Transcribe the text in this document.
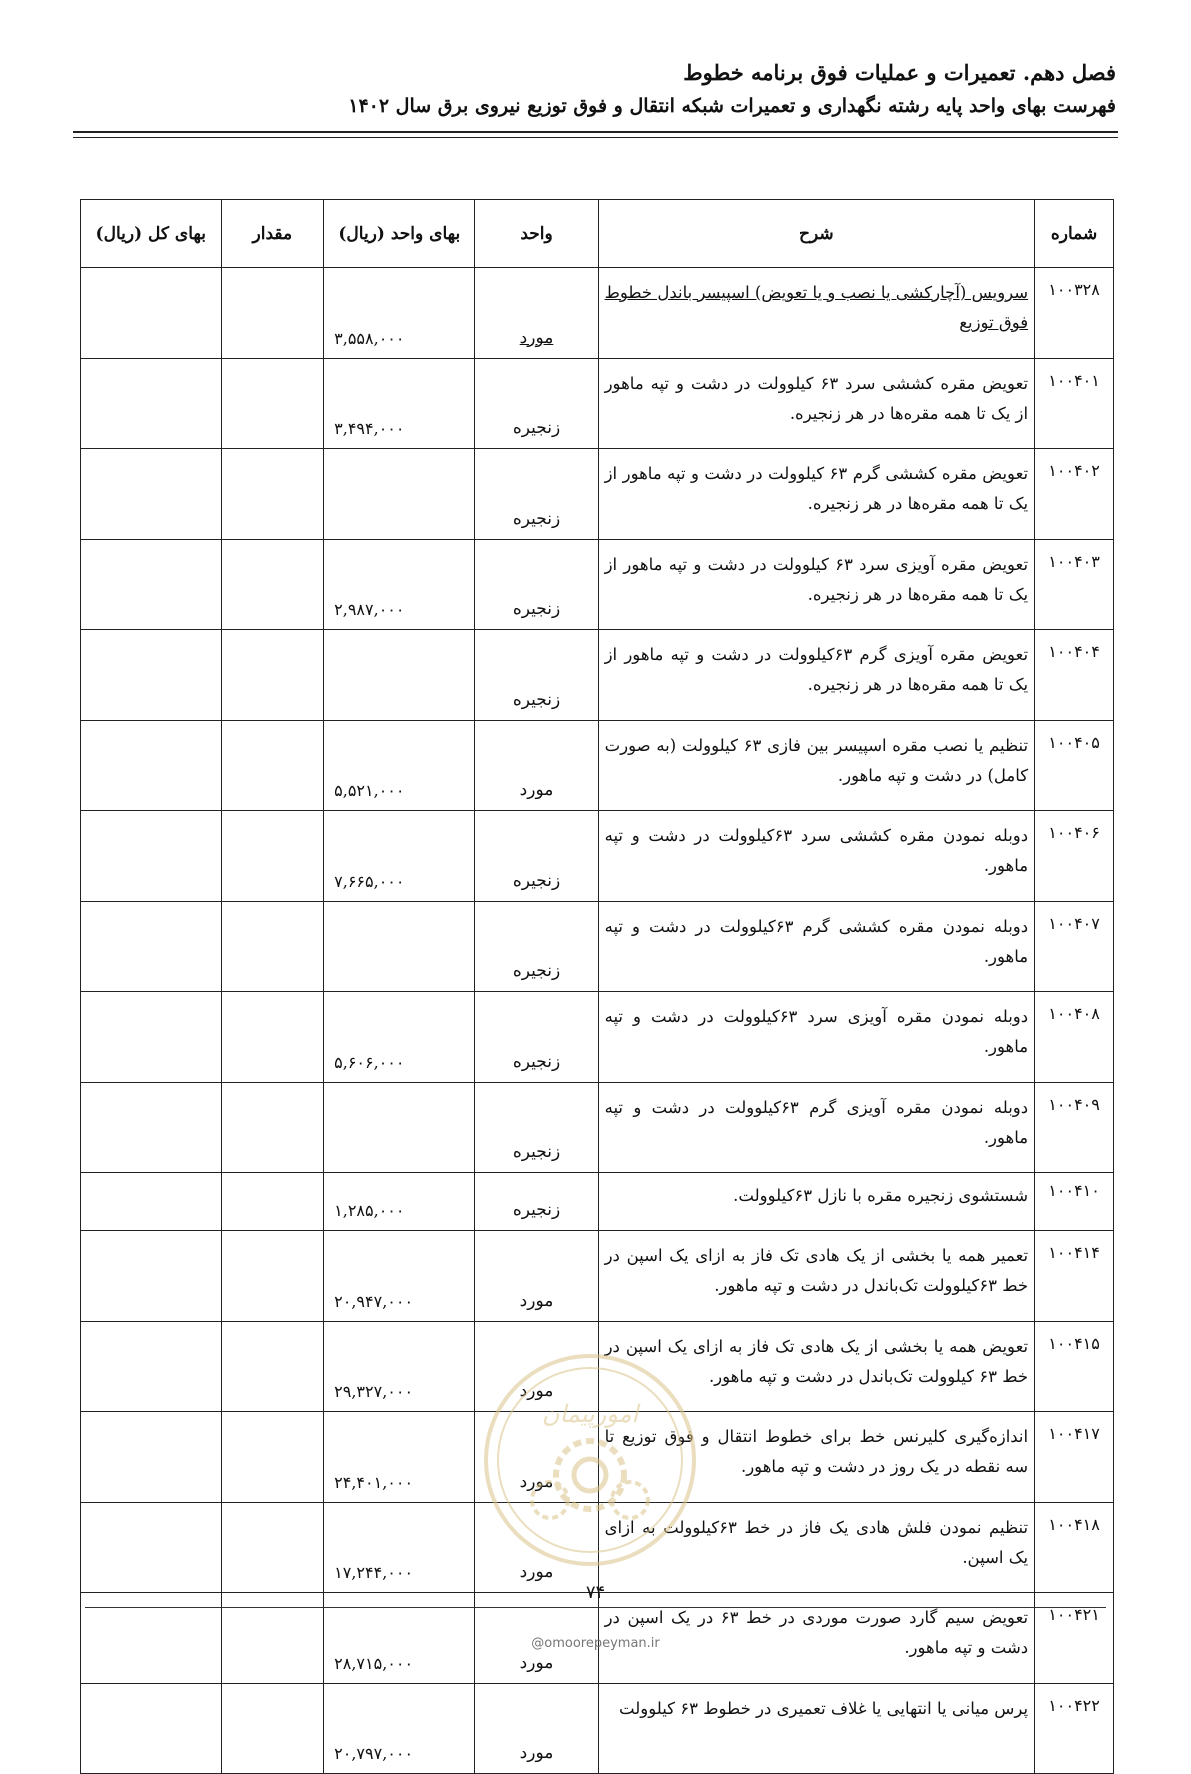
فصل دهم. تعمیرات و عملیات فوق برنامه خطوط
فهرست بهای واحد پایه رشته نگهداری و تعمیرات شبکه انتقال و فوق توزیع نیروی برق سال ۱۴۰۲
شماره	شرح	واحد	بهای واحد (ریال)	مقدار	بهای کل (ریال)
۱۰۰۳۲۸	سرویس (آچارکشی یا نصب و یا تعویض) اسپیسر باندل خطوط فوق توزیع	مورد	۳,۵۵۸,۰۰۰		
۱۰۰۴۰۱	تعویض مقره کششی سرد ۶۳ کیلوولت در دشت و تپه ماهور از یک تا همه مقره‌ها در هر زنجیره.	زنجیره	۳,۴۹۴,۰۰۰		
۱۰۰۴۰۲	تعویض مقره کششی گرم ۶۳ کیلوولت در دشت و تپه ماهور از یک تا همه مقره‌ها در هر زنجیره.	زنجیره			
۱۰۰۴۰۳	تعویض مقره آویزی سرد ۶۳ کیلوولت در دشت و تپه ماهور از یک تا همه مقره‌ها در هر زنجیره.	زنجیره	۲,۹۸۷,۰۰۰		
۱۰۰۴۰۴	تعویض مقره آویزی گرم ۶۳کیلوولت در دشت و تپه ماهور از یک تا همه مقره‌ها در هر زنجیره.	زنجیره			
۱۰۰۴۰۵	تنظیم یا نصب مقره اسپیسر بین فازی ۶۳ کیلوولت (به صورت کامل) در دشت و تپه ماهور.	مورد	۵,۵۲۱,۰۰۰		
۱۰۰۴۰۶	دوبله نمودن مقره کششی سرد ۶۳کیلوولت در دشت و تپه ماهور.	زنجیره	۷,۶۶۵,۰۰۰		
۱۰۰۴۰۷	دوبله نمودن مقره کششی گرم ۶۳کیلوولت در دشت و تپه ماهور.	زنجیره			
۱۰۰۴۰۸	دوبله نمودن مقره آویزی سرد ۶۳کیلوولت در دشت و تپه ماهور.	زنجیره	۵,۶۰۶,۰۰۰		
۱۰۰۴۰۹	دوبله نمودن مقره آویزی گرم ۶۳کیلوولت در دشت و تپه ماهور.	زنجیره			
۱۰۰۴۱۰	شستشوی زنجیره مقره با نازل ۶۳کیلوولت.	زنجیره	۱,۲۸۵,۰۰۰		
۱۰۰۴۱۴	تعمیر همه یا بخشی از یک هادی تک فاز به ازای یک اسپن در خط ۶۳کیلوولت تک‌باندل در دشت و تپه ماهور.	مورد	۲۰,۹۴۷,۰۰۰		
۱۰۰۴۱۵	تعویض همه یا بخشی از یک هادی تک فاز به ازای یک اسپن در خط ۶۳ کیلوولت تک‌باندل در دشت و تپه ماهور.	مورد	۲۹,۳۲۷,۰۰۰		
۱۰۰۴۱۷	اندازه‌گیری کلیرنس خط برای خطوط انتقال و فوق توزیع تا سه نقطه در یک روز در دشت و تپه ماهور.	مورد	۲۴,۴۰۱,۰۰۰		
۱۰۰۴۱۸	تنظیم نمودن فلش هادی یک فاز در خط ۶۳کیلوولت به ازای یک اسپن.	مورد	۱۷,۲۴۴,۰۰۰		
۱۰۰۴۲۱	تعویض سیم گارد صورت موردی در خط ۶۳ در یک اسپن در دشت و تپه ماهور.	مورد	۲۸,۷۱۵,۰۰۰		
۱۰۰۴۲۲	پرس میانی یا انتهایی یا غلاف تعمیری در خطوط ۶۳ کیلوولت	مورد	۲۰,۷۹۷,۰۰۰		
امورپیمان
۷۴
@omoorepeyman.ir
